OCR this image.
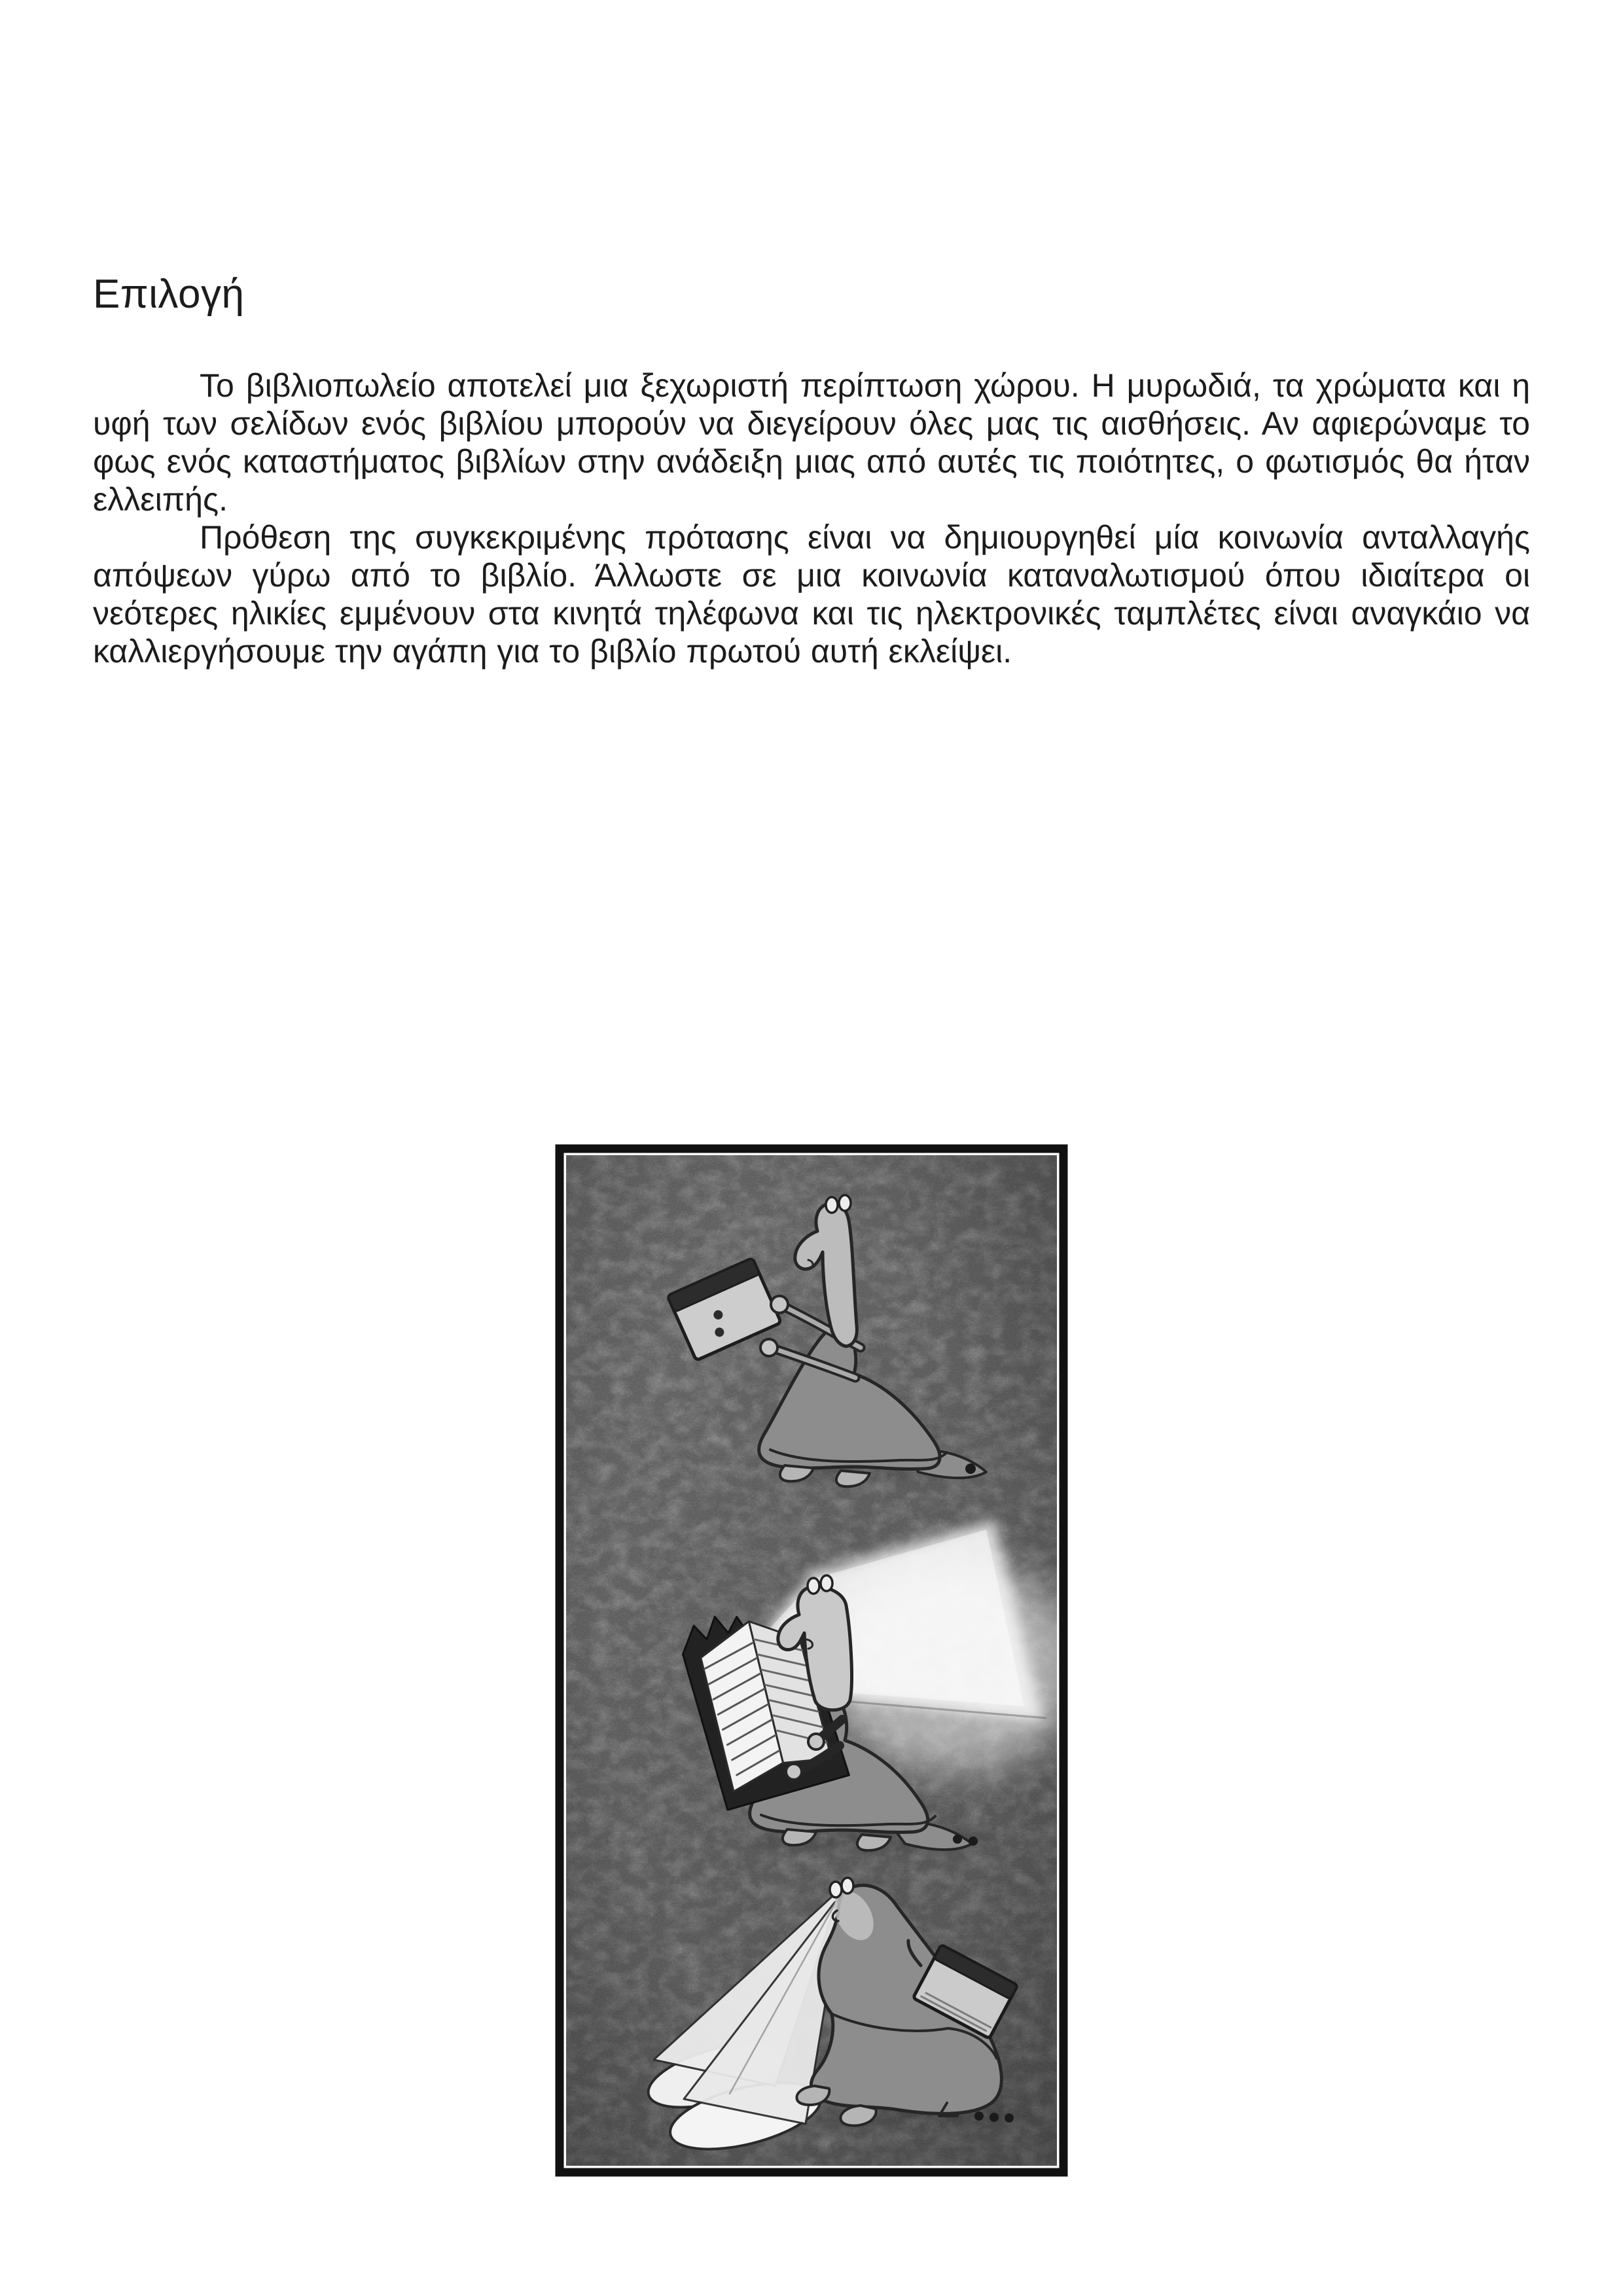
Επιλογή

Το βιβλιοπωλείο αποτελεί μια ξεχωριστή περίπτωση χώρου. Η μυρωδιά, τα χρώματα και η υφή των σελίδων ενός βιβλίου μπορούν να διεγείρουν όλες μας τις αισθήσεις. Αν αφιερώναμε το φως ενός καταστήματος βιβλίων στην ανάδειξη μιας από αυτές τις ποιότητες, ο φωτισμός θα ήταν ελλειπής.

Πρόθεση της συγκεκριμένης πρότασης είναι να δημιουργηθεί μία κοινωνία ανταλλαγής απόψεων γύρω από το βιβλίο. Άλλωστε σε μια κοινωνία καταναλωτισμού όπου ιδιαίτερα οι νεότερες ηλικίες εμμένουν στα κινητά τηλέφωνα και τις ηλεκτρονικές ταμπλέτες είναι αναγκάιο να καλλιεργήσουμε την αγάπη για το βιβλίο πρωτού αυτή εκλείψει.
